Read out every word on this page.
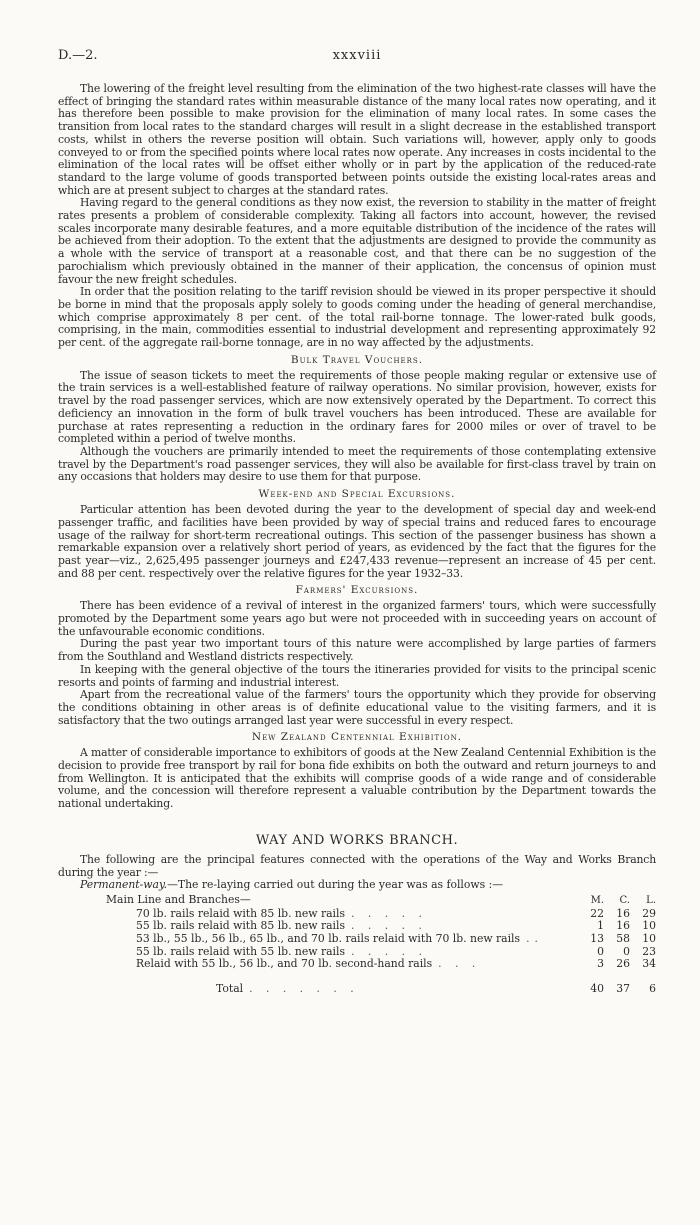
D.—2.	xxxviii

The lowering of the freight level resulting from the elimination of the two highest-rate classes will have the effect of bringing the standard rates within measurable distance of the many local rates now operating, and it has therefore been possible to make provision for the elimination of many local rates. In some cases the transition from local rates to the standard charges will result in a slight decrease in the established transport costs, whilst in others the reverse position will obtain. Such variations will, however, apply only to goods conveyed to or from the specified points where local rates now operate. Any increases in costs incidental to the elimination of the local rates will be offset either wholly or in part by the application of the reduced-rate standard to the large volume of goods transported between points outside the existing local-rates areas and which are at present subject to charges at the standard rates.

Having regard to the general conditions as they now exist, the reversion to stability in the matter of freight rates presents a problem of considerable complexity. Taking all factors into account, however, the revised scales incorporate many desirable features, and a more equitable distribution of the incidence of the rates will be achieved from their adoption. To the extent that the adjustments are designed to provide the community as a whole with the service of transport at a reasonable cost, and that there can be no suggestion of the parochialism which previously obtained in the manner of their application, the concensus of opinion must favour the new freight schedules.

In order that the position relating to the tariff revision should be viewed in its proper perspective it should be borne in mind that the proposals apply solely to goods coming under the heading of general merchandise, which comprise approximately 8 per cent. of the total rail-borne tonnage. The lower-rated bulk goods, comprising, in the main, commodities essential to industrial development and representing approximately 92 per cent. of the aggregate rail-borne tonnage, are in no way affected by the adjustments.

Bulk Travel Vouchers.

The issue of season tickets to meet the requirements of those people making regular or extensive use of the train services is a well-established feature of railway operations. No similar provision, however, exists for travel by the road passenger services, which are now extensively operated by the Department. To correct this deficiency an innovation in the form of bulk travel vouchers has been introduced. These are available for purchase at rates representing a reduction in the ordinary fares for 2000 miles or over of travel to be completed within a period of twelve months.

Although the vouchers are primarily intended to meet the requirements of those contemplating extensive travel by the Department's road passenger services, they will also be available for first-class travel by train on any occasions that holders may desire to use them for that purpose.

Week-end and Special Excursions.

Particular attention has been devoted during the year to the development of special day and week-end passenger traffic, and facilities have been provided by way of special trains and reduced fares to encourage usage of the railway for short-term recreational outings. This section of the passenger business has shown a remarkable expansion over a relatively short period of years, as evidenced by the fact that the figures for the past year—viz., 2,625,495 passenger journeys and £247,433 revenue—represent an increase of 45 per cent. and 88 per cent. respectively over the relative figures for the year 1932–33.

Farmers' Excursions.

There has been evidence of a revival of interest in the organized farmers' tours, which were successfully promoted by the Department some years ago but were not proceeded with in succeeding years on account of the unfavourable economic conditions.

During the past year two important tours of this nature were accomplished by large parties of farmers from the Southland and Westland districts respectively.

In keeping with the general objective of the tours the itineraries provided for visits to the principal scenic resorts and points of farming and industrial interest.

Apart from the recreational value of the farmers' tours the opportunity which they provide for observing the conditions obtaining in other areas is of definite educational value to the visiting farmers, and it is satisfactory that the two outings arranged last year were successful in every respect.

New Zealand Centennial Exhibition.

A matter of considerable importance to exhibitors of goods at the New Zealand Centennial Exhibition is the decision to provide free transport by rail for bona fide exhibits on both the outward and return journeys to and from Wellington. It is anticipated that the exhibits will comprise goods of a wide range and of considerable volume, and the concession will therefore represent a valuable contribution by the Department towards the national undertaking.

WAY AND WORKS BRANCH.

The following are the principal features connected with the operations of the Way and Works Branch during the year :—

Permanent-way.—The re-laying carried out during the year was as follows :—

Main Line and Branches—	M.	C.	L.
70 lb. rails relaid with 85 lb. new rails . . . . .	22	16	29
55 lb. rails relaid with 85 lb. new rails . . . . .	1	16	10
53 lb., 55 lb., 56 lb., 65 lb., and 70 lb. rails relaid with 70 lb. new rails ..	13	58	10
55 lb. rails relaid with 55 lb. new rails . . . . .	0	0	23
Relaid with 55 lb., 56 lb., and 70 lb. second-hand rails . . .	3	26	34
Total . . . . . . .	40	37	6
